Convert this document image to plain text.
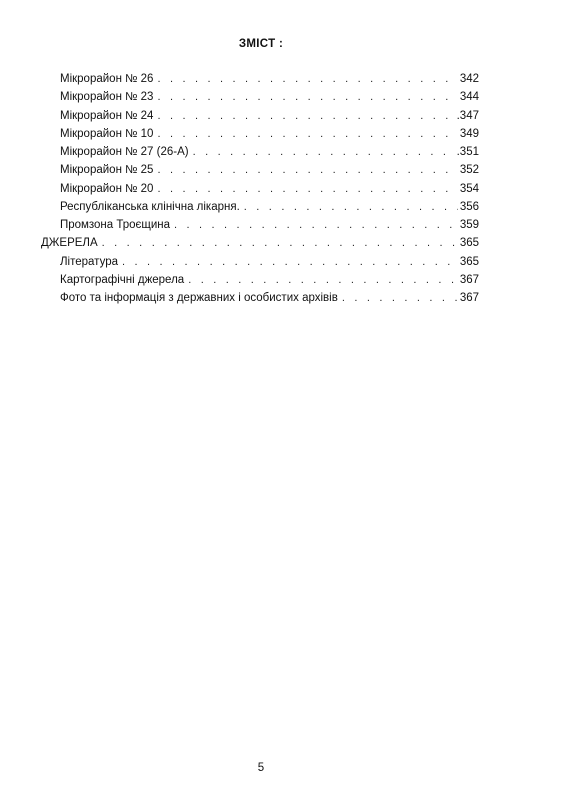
ЗМІСТ :
Мікрорайон № 26 . . .	342
Мікрорайон № 23 . . .	344
Мікрорайон № 24 . . .	.347
Мікрорайон № 10 . . .	349
Мікрорайон № 27 (26-А) . . .	.351
Мікрорайон № 25 . . .	352
Мікрорайон № 20 . . .	354
Республіканська клінічна лікарня. . . .	356
Промзона Троєщина . . .	359
ДЖЕРЕЛА . . .	365
Література . . .	365
Картографічні джерела . . .	367
Фото та інформація з державних і особистих архівів . . .	367
5
